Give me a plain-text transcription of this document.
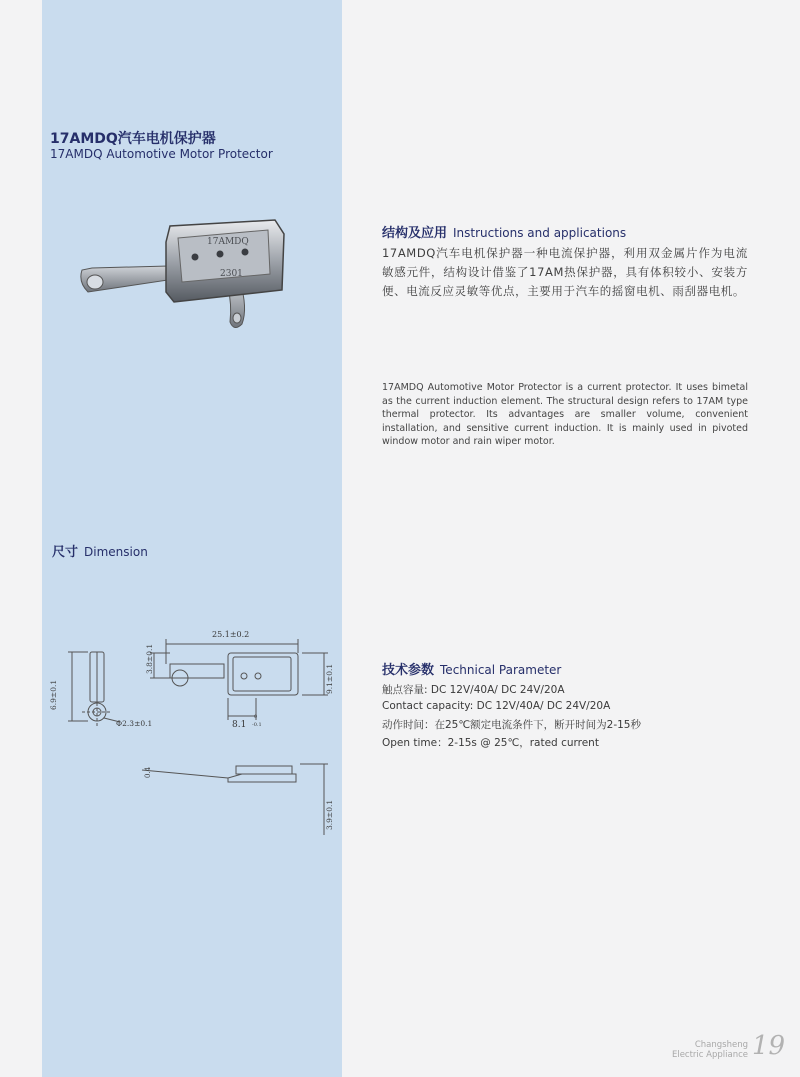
17AMDQ汽车电机保护器
17AMDQ Automotive Motor Protector
17AMDQ
2301
尺寸 Dimension
25.1±0.2
3.8±0.1
9.1±0.1
6.9±0.1
Φ2.3±0.1	8.1
0
-0.1
0.4
3.9±0.1
结构及应用 Instructions and applications
17AMDQ汽车电机保护器一种电流保护器，利用双金属片作为电流敏感元件，结构设计借鉴了17AM热保护器，具有体积较小、安装方便、电流反应灵敏等优点，主要用于汽车的摇窗电机、雨刮器电机。
17AMDQ Automotive Motor Protector is a current protector. It uses bimetal as the current induction element. The structural design refers to 17AM type thermal protector. Its advantages are smaller volume, convenient installation, and sensitive current induction. It is mainly used in pivoted window motor and rain wiper motor.
技术参数 Technical Parameter
触点容量: DC 12V/40A/ DC 24V/20A
Contact capacity: DC 12V/40A/ DC 24V/20A
动作时间：在25℃额定电流条件下，断开时间为2-15秒
Open time：2-15s @ 25℃，rated current
Changsheng
Electric Appliance 19
